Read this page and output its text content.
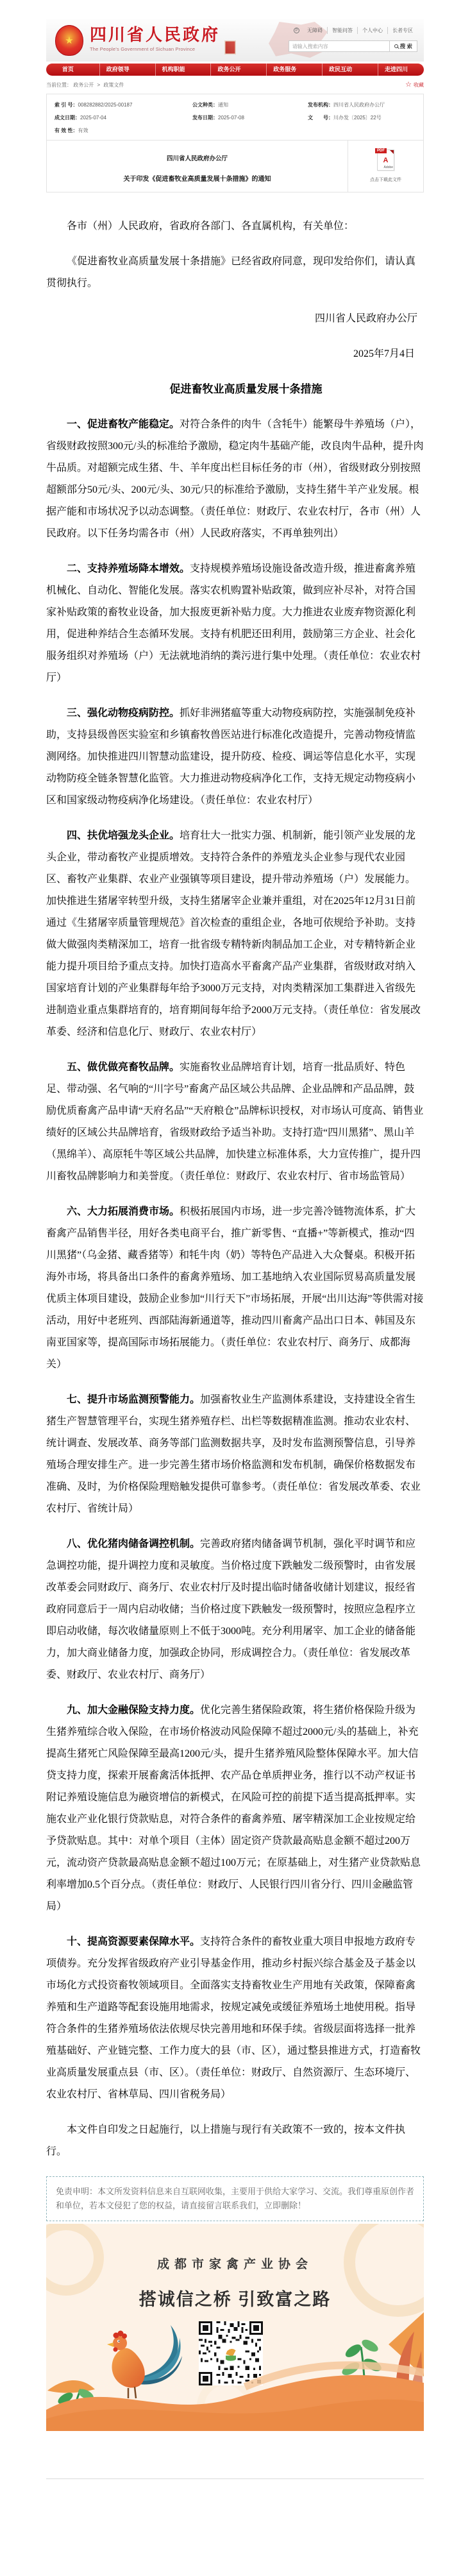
★ 四川省人民政府
The People's Government of Sichuan Province
P	无障碍	智能问答	个人中心	长者专区
请输入搜索内容
搜 索
首页	政府领导	机构职能	政务公开	政务服务	政民互动	走进四川
当前位置： 政务公开 > 政策文件 ☆	收藏
索 引 号：008282882/2025-00187	公文种类：通知	发布机构：四川省人民政府办公厅
成文日期：2025-07-04	发布日期：2025-07-08	文　　号：川办发〔2025〕22号
有 效 性：有效
四川省人民政府办公厅
关于印发《促进畜牧业高质量发展十条措施》的通知
PDF
A
Adobe
点击下载此文件

各市（州）人民政府，省政府各部门、各直属机构，有关单位：

《促进畜牧业高质量发展十条措施》已经省政府同意，现印发给你们，请认真贯彻执行。

四川省人民政府办公厅

2025年7月4日

促进畜牧业高质量发展十条措施

一、促进畜牧产能稳定。对符合条件的肉牛（含牦牛）能繁母牛养殖场（户），省级财政按照300元/头的标准给予激励，稳定肉牛基础产能，改良肉牛品种，提升肉牛品质。对超额完成生猪、牛、羊年度出栏目标任务的市（州），省级财政分别按照超额部分50元/头、200元/头、30元/只的标准给予激励，支持生猪牛羊产业发展。根据产能和市场状况予以动态调整。（责任单位：财政厅、农业农村厅，各市（州）人民政府。以下任务均需各市（州）人民政府落实，不再单独列出）

二、支持养殖场降本增效。支持规模养殖场设施设备改造升级，推进畜禽养殖机械化、自动化、智能化发展。落实农机购置补贴政策，做到应补尽补，对符合国家补贴政策的畜牧业设备，加大报废更新补贴力度。大力推进农业废弃物资源化利用，促进种养结合生态循环发展。支持有机肥还田利用，鼓励第三方企业、社会化服务组织对养殖场（户）无法就地消纳的粪污进行集中处理。（责任单位：农业农村厅）

三、强化动物疫病防控。抓好非洲猪瘟等重大动物疫病防控，实施强制免疫补助，支持县级兽医实验室和乡镇畜牧兽医站进行标准化改造提升，完善动物疫情监测网络。加快推进四川智慧动监建设，提升防疫、检疫、调运等信息化水平，实现动物防疫全链条智慧化监管。大力推进动物疫病净化工作，支持无规定动物疫病小区和国家级动物疫病净化场建设。（责任单位：农业农村厅）

四、扶优培强龙头企业。培育壮大一批实力强、机制新，能引领产业发展的龙头企业，带动畜牧产业提质增效。支持符合条件的养殖龙头企业参与现代农业园区、畜牧产业集群、农业产业强镇等项目建设，提升带动养殖场（户）发展能力。加快推进生猪屠宰转型升级，支持生猪屠宰企业兼并重组，对在2025年12月31日前通过《生猪屠宰质量管理规范》首次检查的重组企业，各地可依规给予补助。支持做大做强肉类精深加工，培育一批省级专精特新肉制品加工企业，对专精特新企业能力提升项目给予重点支持。加快打造高水平畜禽产品产业集群，省级财政对纳入国家培育计划的产业集群每年给予3000万元支持，对肉类精深加工集群进入省级先进制造业重点集群培育的，培育期间每年给予2000万元支持。（责任单位：省发展改革委、经济和信息化厅、财政厅、农业农村厅）

五、做优做亮畜牧品牌。实施畜牧业品牌培育计划，培育一批品质好、特色足、带动强、名气响的“川字号”畜禽产品区域公共品牌、企业品牌和产品品牌，鼓励优质畜禽产品申请“天府名品”“天府粮仓”品牌标识授权，对市场认可度高、销售业绩好的区域公共品牌培育，省级财政给予适当补助。支持打造“四川黑猪”、黑山羊（黑绵羊）、高原牦牛等区域公共品牌，加快建立标准体系，大力宣传推广，提升四川畜牧品牌影响力和美誉度。（责任单位：财政厅、农业农村厅、省市场监管局）

六、大力拓展消费市场。积极拓展国内市场，进一步完善冷链物流体系，扩大畜禽产品销售半径，用好各类电商平台，推广新零售、“直播+”等新模式，推动“四川黑猪”（乌金猪、藏香猪等）和牦牛肉（奶）等特色产品进入大众餐桌。积极开拓海外市场，将具备出口条件的畜禽养殖场、加工基地纳入农业国际贸易高质量发展优质主体项目建设，鼓励企业参加“川行天下”市场拓展，开展“出川达海”等供需对接活动，用好中老班列、西部陆海新通道等，推动四川畜禽产品出口日本、韩国及东南亚国家等，提高国际市场拓展能力。（责任单位：农业农村厅、商务厅、成都海关）

七、提升市场监测预警能力。加强畜牧业生产监测体系建设，支持建设全省生猪生产智慧管理平台，实现生猪养殖存栏、出栏等数据精准监测。推动农业农村、统计调查、发展改革、商务等部门监测数据共享，及时发布监测预警信息，引导养殖场合理安排生产。进一步完善生猪市场价格监测和发布机制，确保价格数据发布准确、及时，为价格保险理赔触发提供可靠参考。（责任单位：省发展改革委、农业农村厅、省统计局）

八、优化猪肉储备调控机制。完善政府猪肉储备调节机制，强化平时调节和应急调控功能，提升调控力度和灵敏度。当价格过度下跌触发二级预警时，由省发展改革委会同财政厅、商务厅、农业农村厅及时提出临时储备收储计划建议，报经省政府同意后于一周内启动收储；当价格过度下跌触发一级预警时，按照应急程序立即启动收储，每次收储量原则上不低于3000吨。充分利用屠宰、加工企业的储备能力，加大商业储备力度，加强政企协同，形成调控合力。（责任单位：省发展改革委、财政厅、农业农村厅、商务厅）

九、加大金融保险支持力度。优化完善生猪保险政策，将生猪价格保险升级为生猪养殖综合收入保险，在市场价格波动风险保障不超过2000元/头的基础上，补充提高生猪死亡风险保障至最高1200元/头，提升生猪养殖风险整体保障水平。加大信贷支持力度，探索开展畜禽活体抵押、农产品仓单质押业务，推行以不动产权证书附记养殖设施信息为融资增信的新模式，在风险可控的前提下适当提高抵押率。实施农业产业化银行贷款贴息，对符合条件的畜禽养殖、屠宰精深加工企业按规定给予贷款贴息。其中：对单个项目（主体）固定资产贷款最高贴息金额不超过200万元，流动资产贷款最高贴息金额不超过100万元；在原基础上，对生猪产业贷款贴息利率增加0.5个百分点。（责任单位：财政厅、人民银行四川省分行、四川金融监管局）

十、提高资源要素保障水平。支持符合条件的畜牧业重大项目申报地方政府专项债券。充分发挥省级政府产业引导基金作用，推动乡村振兴综合基金及子基金以市场化方式投资畜牧领域项目。全面落实支持畜牧业生产用地有关政策，保障畜禽养殖和生产道路等配套设施用地需求，按规定减免或缓征养殖场土地使用税。指导符合条件的生猪养殖场依法依规尽快完善用地和环保手续。省级层面将选择一批养殖基础好、产业链完整、工作力度大的县（市、区），通过整县推进方式，打造畜牧业高质量发展重点县（市、区）。（责任单位：财政厅、自然资源厅、生态环境厅、农业农村厅、省林草局、四川省税务局）

本文件自印发之日起施行，以上措施与现行有关政策不一致的，按本文件执行。

免责申明：本文所发资料信息来自互联网收集，主要用于供给大家学习、交流。我们尊重原创作者和单位，若本文侵犯了您的权益，请直接留言联系我们，立即删除！
成都市家禽产业协会
搭诚信之桥 引致富之路
